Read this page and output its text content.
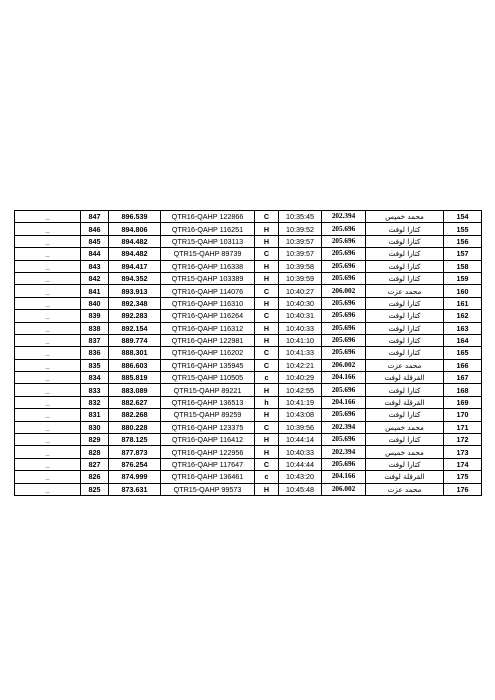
_	847	896.539	QTR16-QAHP 122866	C	10:35:45	202.394	محمد خميس	154
_	846	894.806	QTR16-QAHP 116251	H	10:39:52	205.696	كتارا لوفت	155
_	845	894.482	QTR15-QAHP 103113	H	10:39:57	205.696	كتارا لوفت	156
_	844	894.482	QTR15-QAHP 89739	C	10:39:57	205.696	كتارا لوفت	157
_	843	894.417	QTR16-QAHP 116338	H	10:39:58	205.696	كتارا لوفت	158
_	842	894.352	QTR15-QAHP 103389	H	10:39:59	205.696	كتارا لوفت	159
_	841	893.913	QTR16-QAHP 114076	C	10:40:27	206.002	محمد عزت	160
_	840	892.348	QTR16-QAHP 116310	H	10:40:30	205.696	كتارا لوفت	161
_	839	892.283	QTR16-QAHP 116264	C	10:40:31	205.696	كتارا لوفت	162
_	838	892.154	QTR16-QAHP 116312	H	10:40:33	205.696	كتارا لوفت	163
_	837	889.774	QTR16-QAHP 122981	H	10:41:10	205.696	كتارا لوفت	164
_	836	888.301	QTR16-QAHP 116202	C	10:41:33	205.696	كتارا لوفت	165
_	835	886.603	QTR16-QAHP 135945	C	10:42:21	206.002	محمد عزت	166
_	834	885.819	QTR15-QAHP 110505	c	10:40:29	204.166	القرقلة لوفت	167
_	833	883.089	QTR15-QAHP 89221	H	10:42:55	205.696	كتارا لوفت	168
_	832	882.627	QTR16-QAHP 136513	h	10:41:19	204.166	القرقلة لوفت	169
_	831	882.268	QTR15-QAHP 89259	H	10:43:08	205.696	كتارا لوفت	170
_	830	880.228	QTR16-QAHP 123375	C	10:39:56	202.394	محمد خميس	171
_	829	878.125	QTR16-QAHP 116412	H	10:44:14	205.696	كتارا لوفت	172
_	828	877.873	QTR16-QAHP 122956	H	10:40:33	202.394	محمد خميس	173
_	827	876.254	QTR16-QAHP 117647	C	10:44:44	205.696	كتارا لوفت	174
_	826	874.999	QTR16-QAHP 136461	c	10:43:20	204.166	القرقلة لوفت	175
_	825	873.631	QTR15-QAHP 99573	H	10:45:48	206.002	محمد عزت	176
